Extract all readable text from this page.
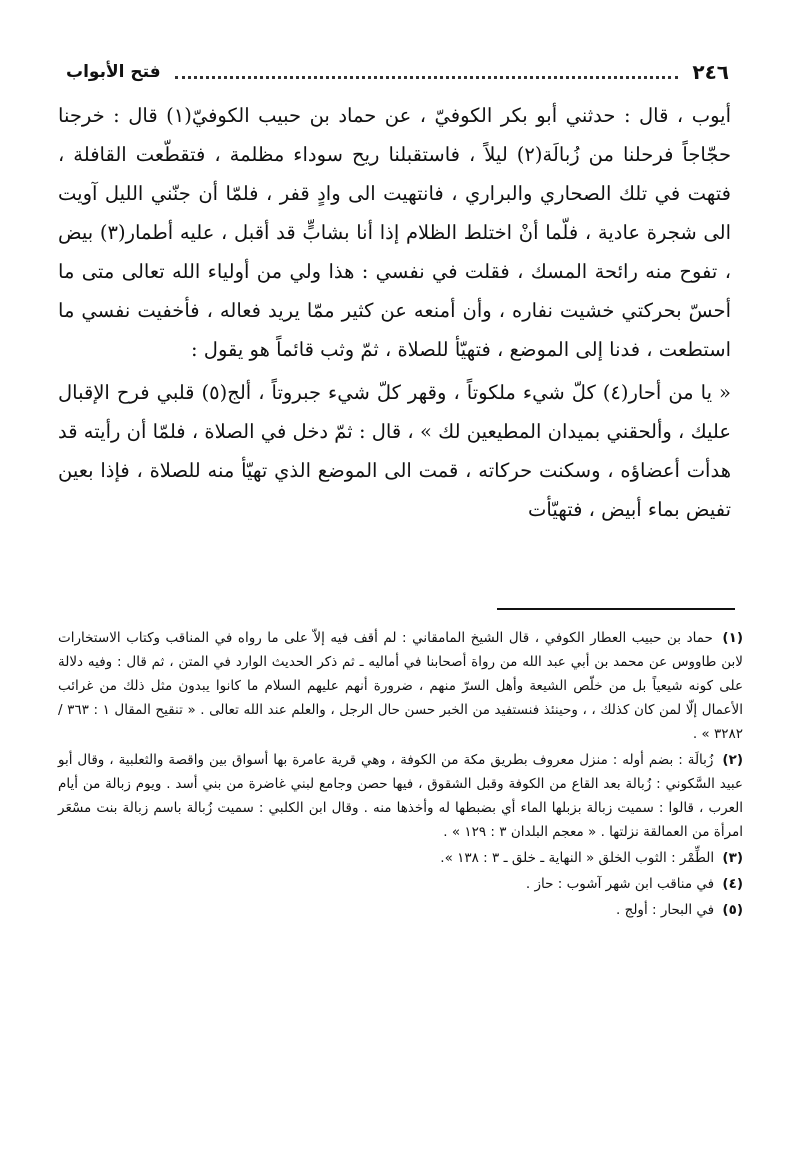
٢٤٦
فتح الأبواب

أيوب ، قال : حدثني أبو بكر الكوفيّ ، عن حماد بن حبيب الكوفيّ(١) قال : خرجنا حجّاجاً فرحلنا من زُبالَة(٢) ليلاً ، فاستقبلنا ريح سوداء مظلمة ، فتقطّعت القافلة ، فتهت في تلك الصحاري والبراري ، فانتهيت الى وادٍ قفر ، فلمّا أن جنّني الليل آويت الى شجرة عادية ، فلّما أنْ اختلط الظلام إذا أنا بشابٍّ قد أقبل ، عليه أطمار(٣) بيض ، تفوح منه رائحة المسك ، فقلت في نفسي : هذا ولي من أولياء الله تعالى متى ما أحسّ بحركتي خشيت نفاره ، وأن أمنعه عن كثير ممّا يريد فعاله ، فأخفيت نفسي ما استطعت ، فدنا إلى الموضع ، فتهيّأ للصلاة ، ثمّ وثب قائماً هو يقول :

« يا من أحار(٤) كلّ شيء ملكوتاً ، وقهر كلّ شيء جبروتاً ، ألج(٥) قلبي فرح الإقبال عليك ، وألحقني بميدان المطيعين لك » ، قال : ثمّ دخل في الصلاة ، فلمّا أن رأيته قد هدأت أعضاؤه ، وسكنت حركاته ، قمت الى الموضع الذي تهيّأ منه للصلاة ، فإذا بعين تفيض بماء أبيض ، فتهيّأت

(١) حماد بن حبيب العطار الكوفي ، قال الشيخ المامقاني : لم أقف فيه إلاّ على ما رواه في المناقب وكتاب الاستخارات لابن طاووس عن محمد بن أبي عبد الله من رواة أصحابنا في أماليه ـ ثم ذكر الحديث الوارد في المتن ، ثم قال : وفيه دلالة على كونه شيعياً بل من خلّص الشيعة وأهل السرّ منهم ، ضرورة أنهم عليهم السلام ما كانوا يبدون مثل ذلك من غرائب الأعمال إلّا لمن كان كذلك ، ، وحينئذ فنستفيد من الخبر حسن حال الرجل ، والعلم عند الله تعالى . « تنقيح المقال ١ : ٣٦٣ / ٣٢٨٢ » .

(٢) زُبالَة : بضم أوله : منزل معروف بطريق مكة من الكوفة ، وهي قرية عامرة بها أسواق بين واقصة والثعلبية ، وقال أبو عبيد السَّكوني : زُبالة بعد القاع من الكوفة وقبل الشقوق ، فيها حصن وجامع لبني غاضرة من بني أسد . ويوم زبالة من أيام العرب ، قالوا : سميت زبالة بزبلها الماء أي بضبطها له وأخذها منه . وقال ابن الكلبي : سميت زُبالة باسم زبالة بنت مسْعَر امرأة من العمالقة نزلتها . « معجم البلدان ٣ : ١٢٩ » .

(٣) الطِّمْر : الثوب الخلق « النهاية ـ خلق ـ ٣ : ١٣٨ ».

(٤) في مناقب ابن شهر آشوب : حاز .

(٥) في البحار : أولج .
